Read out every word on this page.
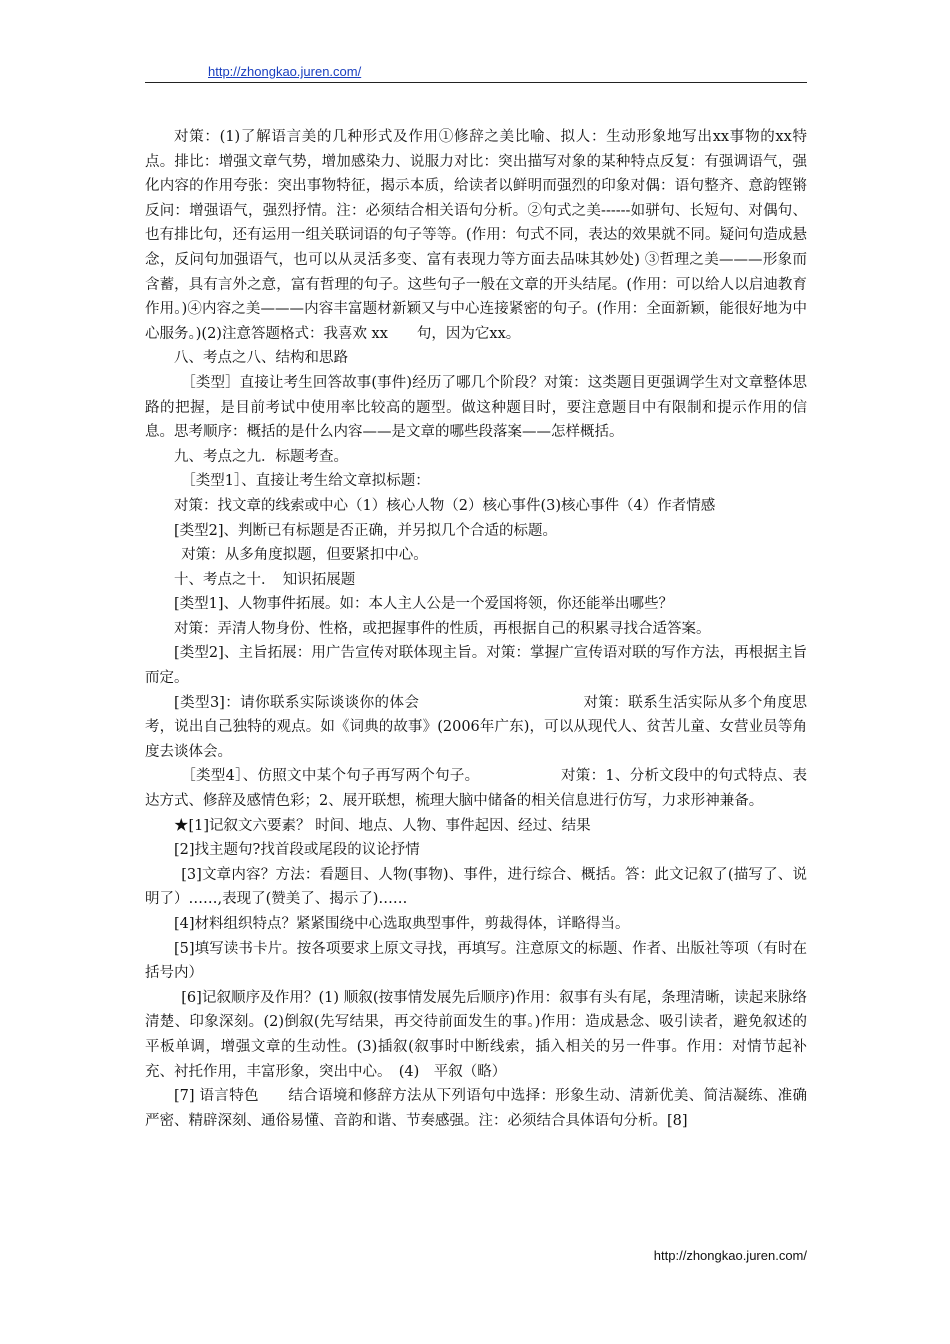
http://zhongkao.juren.com/

对策：(1)了解语言美的几种形式及作用①修辞之美比喻、拟人：生动形象地写出xx事物的xx特点。排比：增强文章气势，增加感染力、说服力对比：突出描写对象的某种特点反复：有强调语气，强化内容的作用夸张：突出事物特征，揭示本质，给读者以鲜明而强烈的印象对偶：语句整齐、意韵铿锵反问：增强语气，强烈抒情。注：必须结合相关语句分析。②句式之美------如骈句、长短句、对偶句、也有排比句，还有运用一组关联词语的句子等等。(作用：句式不同，表达的效果就不同。疑问句造成悬念，反问句加强语气，也可以从灵活多变、富有表现力等方面去品味其妙处) ③哲理之美———形象而含蓄，具有言外之意，富有哲理的句子。这些句子一般在文章的开头结尾。(作用：可以给人以启迪教育作用。)④内容之美———内容丰富题材新颖又与中心连接紧密的句子。(作用：全面新颖，能很好地为中心服务。)(2)注意答题格式：我喜欢 xx　　句，因为它xx。

八、考点之八、结构和思路

［类型］直接让考生回答故事(事件)经历了哪几个阶段？对策：这类题目更强调学生对文章整体思路的把握，是目前考试中使用率比较高的题型。做这种题目时，要注意题目中有限制和提示作用的信息。思考顺序：概括的是什么内容——是文章的哪些段落案——怎样概括。

九、考点之九．标题考查。

［类型1］、直接让考生给文章拟标题：

对策：找文章的线索或中心（1）核心人物（2）核心事件(3)核心事件（4）作者情感

[类型2]、判断已有标题是否正确，并另拟几个合适的标题。

对策：从多角度拟题，但要紧扣中心。

十、考点之十．　知识拓展题

[类型1]、人物事件拓展。如：本人主人公是一个爱国将领，你还能举出哪些？

对策：弄清人物身份、性格，或把握事件的性质，再根据自己的积累寻找合适答案。

[类型2]、主旨拓展：用广告宣传对联体现主旨。对策：掌握广宣传语对联的写作方法，再根据主旨而定。

[类型3]：请你联系实际谈谈你的体会　　　　　　　　　　　对策：联系生活实际从多个角度思考，说出自己独特的观点。如《词典的故事》(2006年广东)，可以从现代人、贫苦儿童、女营业员等角度去谈体会。

［类型4］、仿照文中某个句子再写两个句子。　　　　　　对策：1、分析文段中的句式特点、表达方式、修辞及感情色彩；2、展开联想，梳理大脑中储备的相关信息进行仿写，力求形神兼备。

★[1]记叙文六要素？ 时间、地点、人物、事件起因、经过、结果

[2]找主题句?找首段或尾段的议论抒情

[3]文章内容？方法：看题目、人物(事物)、事件，进行综合、概括。答：此文记叙了(描写了、说明了）……,表现了(赞美了、揭示了)……

[4]材料组织特点？紧紧围绕中心选取典型事件，剪裁得体，详略得当。

[5]填写读书卡片。按各项要求上原文寻找，再填写。注意原文的标题、作者、出版社等项（有时在括号内）

[6]记叙顺序及作用？(1) 顺叙(按事情发展先后顺序)作用：叙事有头有尾，条理清晰，读起来脉络清楚、印象深刻。(2)倒叙(先写结果，再交待前面发生的事。)作用：造成悬念、吸引读者，避免叙述的平板单调，增强文章的生动性。(3)插叙(叙事时中断线索，插入相关的另一件事。作用：对情节起补充、衬托作用，丰富形象，突出中心。　(4)　平叙（略）

[7] 语言特色　　结合语境和修辞方法从下列语句中选择：形象生动、清新优美、简洁凝练、准确严密、精辟深刻、通俗易懂、音韵和谐、节奏感强。注：必须结合具体语句分析。[8]

http://zhongkao.juren.com/
